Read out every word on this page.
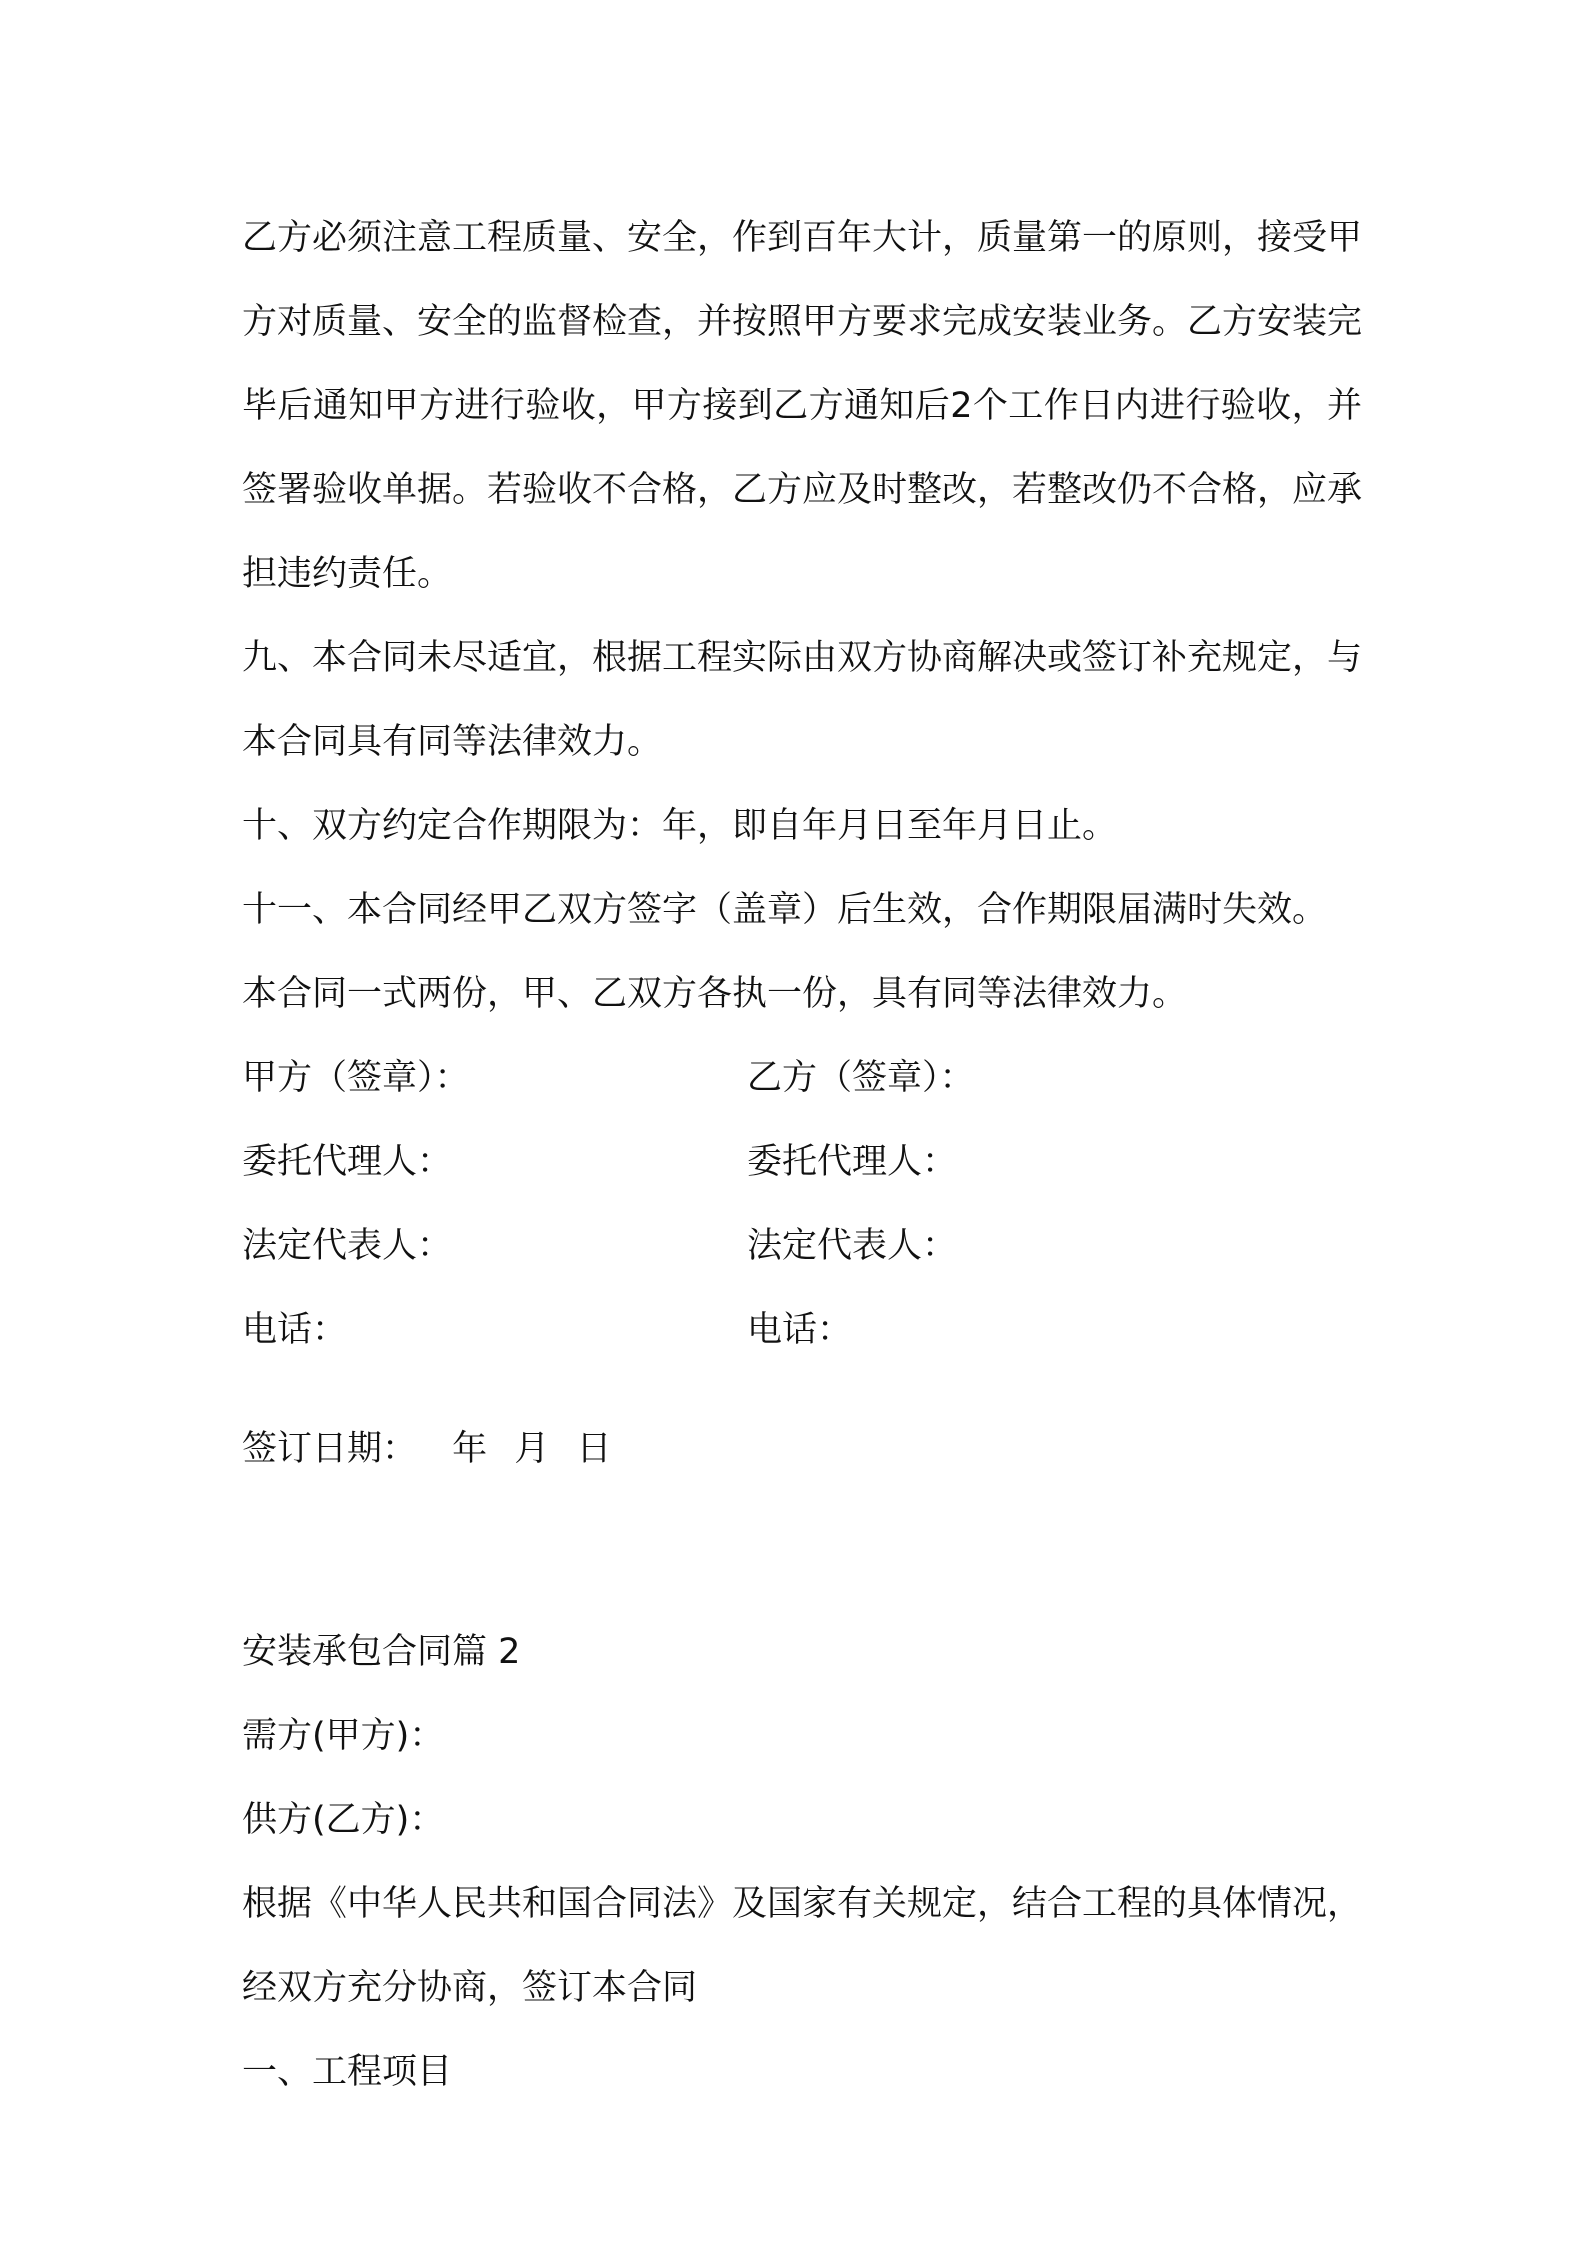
乙方必须注意工程质量、安全，作到百年大计，质量第一的原则，接受甲方对质量、安全的监督检查，并按照甲方要求完成安装业务。乙方安装完毕后通知甲方进行验收，甲方接到乙方通知后2个工作日内进行验收，并签署验收单据。若验收不合格，乙方应及时整改，若整改仍不合格，应承担违约责任。

九、本合同未尽适宜，根据工程实际由双方协商解决或签订补充规定，与本合同具有同等法律效力。

十、双方约定合作期限为：年，即自年月日至年月日止。

十一、本合同经甲乙双方签字（盖章）后生效，合作期限届满时失效。

本合同一式两份，甲、乙双方各执一份，具有同等法律效力。

甲方（签章）：	乙方（签章）：
委托代理人：	委托代理人：
法定代表人：	法定代表人：
电话：	电话：

签订日期： 年 月 日

安装承包合同篇 2

需方(甲方)：

供方(乙方)：

根据《中华人民共和国合同法》及国家有关规定，结合工程的具体情况，经双方充分协商，签订本合同

一、工程项目
